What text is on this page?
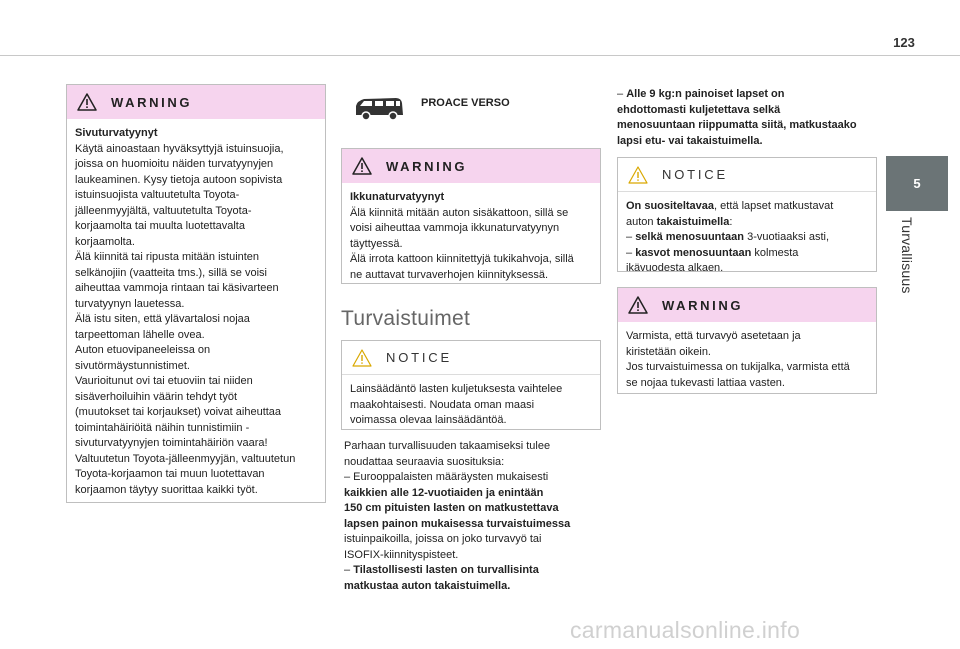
123
5
Turvallisuus
WARNING

Sivuturvatyynyt

Käytä ainoastaan hyväksyttyjä istuinsuojia,
joissa on huomioitu näiden turvatyynyjen
laukeaminen. Kysy tietoja autoon sopivista
istuinsuojista valtuutetulta Toyota-
jälleenmyyjältä, valtuutetulta Toyota-
korjaamolta tai muulta luotettavalta
korjaamolta.
Älä kiinnitä tai ripusta mitään istuinten
selkänojiin (vaatteita tms.), sillä se voisi
aiheuttaa vammoja rintaan tai käsivarteen
turvatyynyn lauetessa.
Älä istu siten, että ylävartalosi nojaa
tarpeettoman lähelle ovea.
Auton etuovipaneeleissa on
sivutörmäystunnistimet.
Vaurioitunut ovi tai etuoviin tai niiden
sisäverhoiluihin väärin tehdyt työt
(muutokset tai korjaukset) voivat aiheuttaa
toimintahäiriöitä näihin tunnistimiin -
sivuturvatyynyjen toimintahäiriön vaara!
Valtuutetun Toyota-jälleenmyyjän, valtuutetun
Toyota-korjaamon tai muun luotettavan
korjaamon täytyy suorittaa kaikki työt.
PROACE VERSO
WARNING

Ikkunaturvatyynyt

Älä kiinnitä mitään auton sisäkattoon, sillä se
voisi aiheuttaa vammoja ikkunaturvatyynyn
täyttyessä.
Älä irrota kattoon kiinnitettyjä tukikahvoja, sillä
ne auttavat turvaverhojen kiinnityksessä.
Turvaistuimet
NOTICE
Lainsäädäntö lasten kuljetuksesta vaihtelee
maakohtaisesti. Noudata oman maasi
voimassa olevaa lainsäädäntöä.
Parhaan turvallisuuden takaamiseksi tulee
noudattaa seuraavia suosituksia:
– Eurooppalaisten määräysten mukaisesti
kaikkien alle 12-vuotiaiden ja enintään
150 cm pituisten lasten on matkustettava
lapsen painon mukaisessa turvaistuimessa
istuinpaikoilla, joissa on joko turvavyö tai
ISOFIX-kiinnityspisteet.
– Tilastollisesti lasten on turvallisinta
matkustaa auton takaistuimella.
– Alle 9 kg:n painoiset lapset on
ehdottomasti kuljetettava selkä
menosuuntaan riippumatta siitä, matkustaako
lapsi etu- vai takaistuimella.
NOTICE
On suositeltavaa, että lapset matkustavat
auton takaistuimella:
– selkä menosuuntaan 3-vuotiaaksi asti,
– kasvot menosuuntaan kolmesta
ikävuodesta alkaen.
WARNING
Varmista, että turvavyö asetetaan ja
kiristetään oikein.
Jos turvaistuimessa on tukijalka, varmista että
se nojaa tukevasti lattiaa vasten.
carmanualsonline.info
